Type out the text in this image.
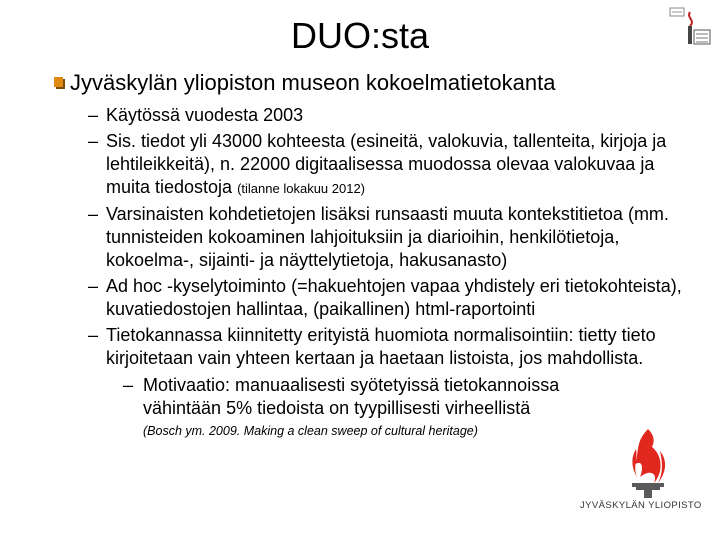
DUO:sta
Jyväskylän yliopiston museon kokoelmatietokanta
– Käytössä vuodesta 2003
– Sis. tiedot yli 43000 kohteesta (esineitä, valokuvia, tallenteita, kirjoja ja lehtileikkeitä), n. 22000 digitaalisessa muodossa olevaa valokuvaa ja muita tiedostoja (tilanne lokakuu 2012)
– Varsinaisten kohdetietojen lisäksi runsaasti muuta kontekstitietoa (mm. tunnisteiden kokoaminen lahjoituksiin ja diarioihin, henkilötietoja, kokoelma-, sijainti- ja näyttelytietoja, hakusanasto)
– Ad hoc -kyselytoiminto (=hakuehtojen vapaa yhdistely eri tietokohteista), kuvatiedostojen hallintaa, (paikallinen) html-raportointi
– Tietokannassa kiinnitetty erityistä huomiota normalisointiin: tietty tieto kirjoitetaan vain yhteen kertaan ja haetaan listoista, jos mahdollista.
– Motivaatio: manuaalisesti syötetyissä tietokannoissa vähintään 5% tiedoista on tyypillisesti virheellistä
(Bosch ym. 2009. Making a clean sweep of cultural heritage)
JYVÄSKYLÄN YLIOPISTO
